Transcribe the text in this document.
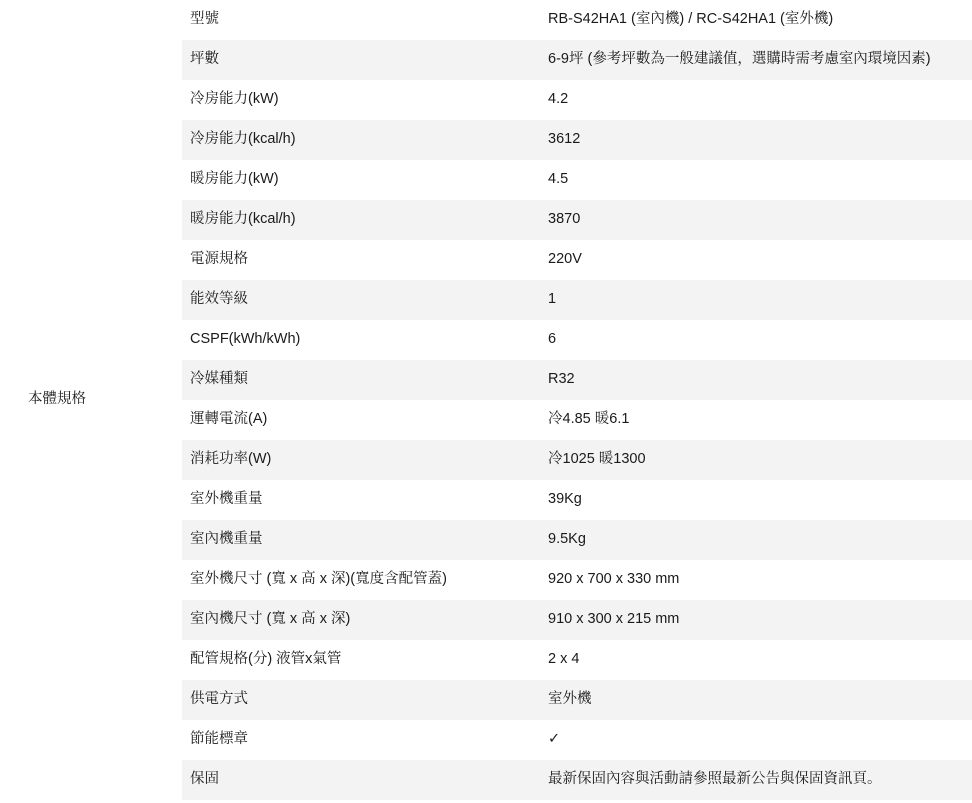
本體規格	型號	RB-S42HA1 (室內機) / RC-S42HA1 (室外機)
	坪數	6-9坪 (參考坪數為一般建議值，選購時需考慮室內環境因素)
	冷房能力(kW)	4.2
	冷房能力(kcal/h)	3612
	暖房能力(kW)	4.5
	暖房能力(kcal/h)	3870
	電源規格	220V
	能效等級	1
	CSPF(kWh/kWh)	6
	冷媒種類	R32
	運轉電流(A)	冷4.85 暖6.1
	消耗功率(W)	冷1025 暖1300
	室外機重量	39Kg
	室內機重量	9.5Kg
	室外機尺寸 (寬 x 高 x 深)(寬度含配管蓋)	920 x 700 x 330 mm
	室內機尺寸 (寬 x 高 x 深)	910 x 300 x 215 mm
	配管規格(分) 液管x氣管	2 x 4
	供電方式	室外機
	節能標章	✓
	保固	最新保固內容與活動請參照最新公告與保固資訊頁。
